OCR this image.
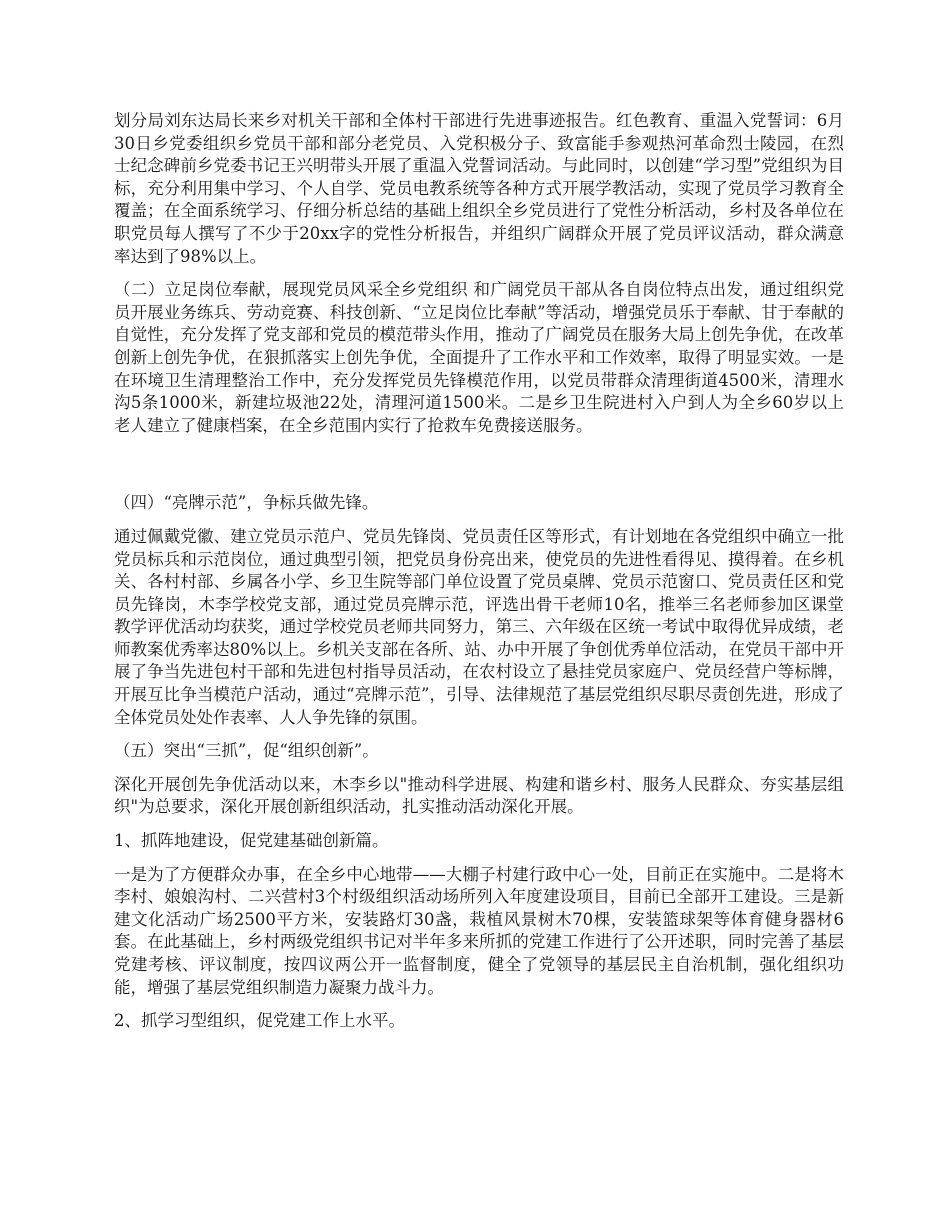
划分局刘东达局长来乡对机关干部和全体村干部进行先进事迹报告。红色教育、重温入党誓词：6月30日乡党委组织乡党员干部和部分老党员、入党积极分子、致富能手参观热河革命烈士陵园，在烈士纪念碑前乡党委书记王兴明带头开展了重温入党誓词活动。与此同时，以创建“学习型”党组织为目标，充分利用集中学习、个人自学、党员电教系统等各种方式开展学教活动，实现了党员学习教育全覆盖；在全面系统学习、仔细分析总结的基础上组织全乡党员进行了党性分析活动，乡村及各单位在职党员每人撰写了不少于20xx字的党性分析报告，并组织广阔群众开展了党员评议活动，群众满意率达到了98%以上。

（二）立足岗位奉献，展现党员风采全乡党组织 和广阔党员干部从各自岗位特点出发，通过组织党员开展业务练兵、劳动竞赛、科技创新、“立足岗位比奉献”等活动，增强党员乐于奉献、甘于奉献的自觉性，充分发挥了党支部和党员的模范带头作用，推动了广阔党员在服务大局上创先争优，在改革创新上创先争优，在狠抓落实上创先争优，全面提升了工作水平和工作效率，取得了明显实效。一是在环境卫生清理整治工作中，充分发挥党员先锋模范作用，以党员带群众清理街道4500米，清理水沟5条1000米，新建垃圾池22处，清理河道1500米。二是乡卫生院进村入户到人为全乡60岁以上老人建立了健康档案，在全乡范围内实行了抢救车免费接送服务。

（四）“亮牌示范”，争标兵做先锋。

通过佩戴党徽、建立党员示范户、党员先锋岗、党员责任区等形式，有计划地在各党组织中确立一批党员标兵和示范岗位，通过典型引领，把党员身份亮出来，使党员的先进性看得见、摸得着。在乡机关、各村村部、乡属各小学、乡卫生院等部门单位设置了党员桌牌、党员示范窗口、党员责任区和党员先锋岗，木李学校党支部，通过党员亮牌示范，评选出骨干老师10名，推举三名老师参加区课堂教学评优活动均获奖，通过学校党员老师共同努力，第三、六年级在区统一考试中取得优异成绩，老师教案优秀率达80%以上。乡机关支部在各所、站、办中开展了争创优秀单位活动，在党员干部中开展了争当先进包村干部和先进包村指导员活动，在农村设立了悬挂党员家庭户、党员经营户等标牌，开展互比争当模范户活动，通过“亮牌示范”，引导、法律规范了基层党组织尽职尽责创先进，形成了全体党员处处作表率、人人争先锋的氛围。

（五）突出“三抓”，促“组织创新”。

深化开展创先争优活动以来，木李乡以"推动科学进展、构建和谐乡村、服务人民群众、夯实基层组织"为总要求，深化开展创新组织活动，扎实推动活动深化开展。

1、抓阵地建设，促党建基础创新篇。

一是为了方便群众办事，在全乡中心地带——大棚子村建行政中心一处，目前正在实施中。二是将木李村、娘娘沟村、二兴营村3个村级组织活动场所列入年度建设项目，目前已全部开工建设。三是新建文化活动广场2500平方米，安装路灯30盏，栽植风景树木70棵，安装篮球架等体育健身器材6套。在此基础上，乡村两级党组织书记对半年多来所抓的党建工作进行了公开述职，同时完善了基层党建考核、评议制度，按四议两公开一监督制度，健全了党领导的基层民主自治机制，强化组织功能，增强了基层党组织制造力凝聚力战斗力。

2、抓学习型组织，促党建工作上水平。
